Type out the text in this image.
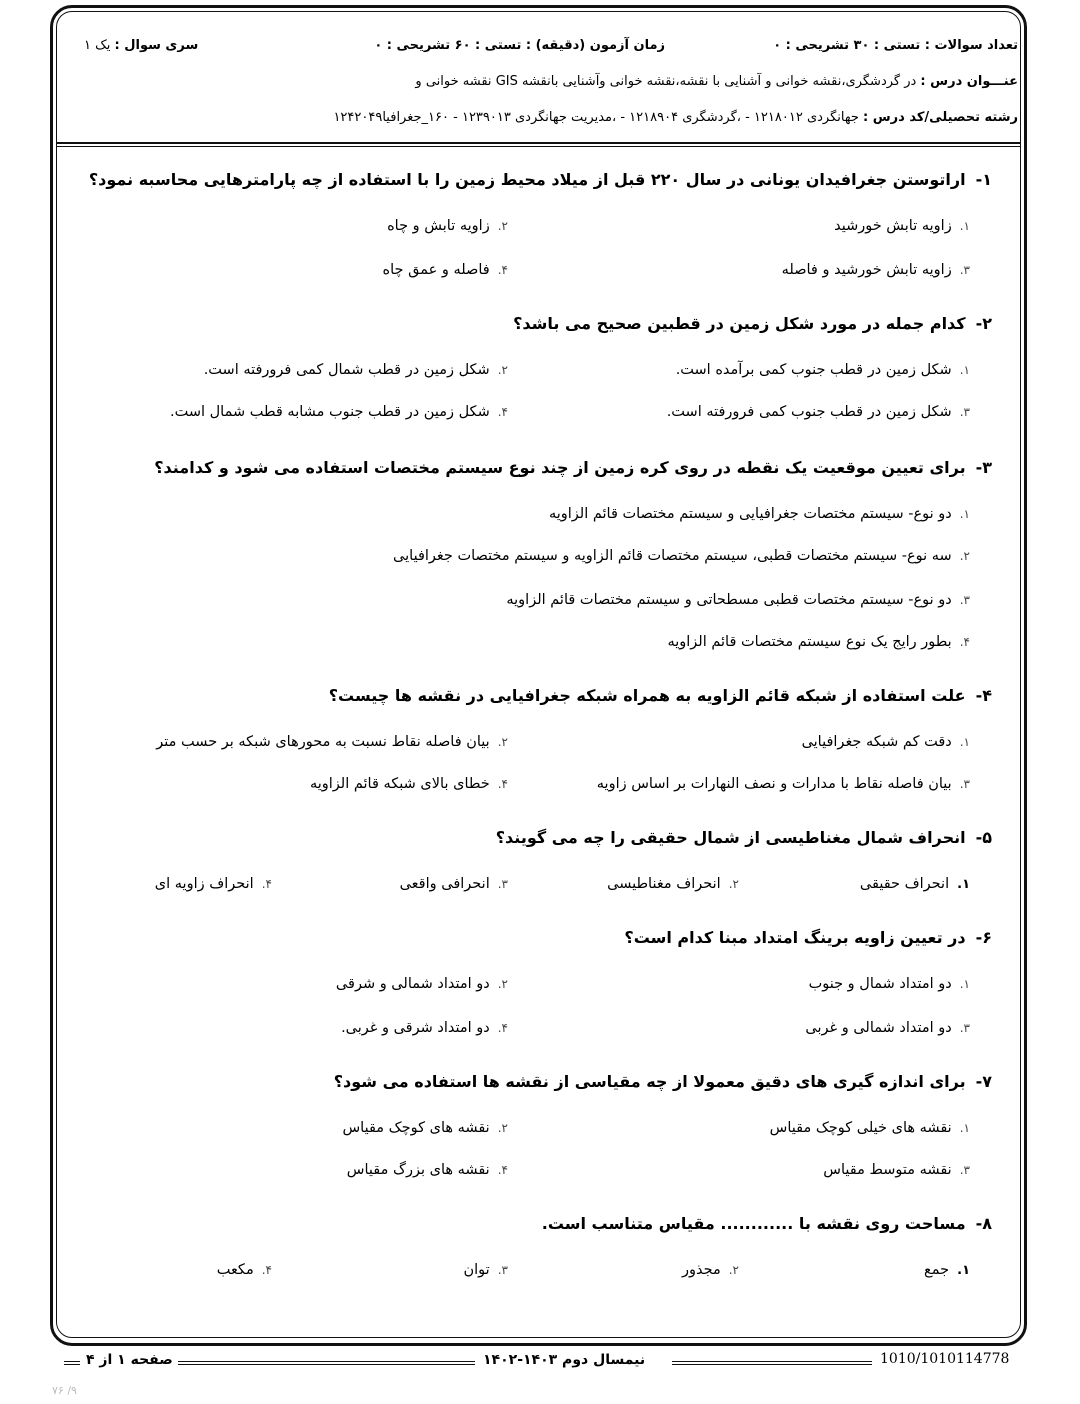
تعداد سوالات : تستی : ۳۰ تشریحی : ۰
زمان آزمون (دقیقه) : تستی : ۶۰ تشریحی : ۰
سری سوال : یک ۱
عنـــوان درس : در گردشگری،نقشه خوانی و آشنایی با نقشه،نقشه خوانی وآشنایی بانقشه GIS نقشه خوانی و
رشته تحصیلی/کد درس : جهانگردی ۱۲۱۸۰۱۲ - ،گردشگری ۱۲۱۸۹۰۴ - ،مدیریت جهانگردی ۱۲۳۹۰۱۳ - ۱۶۰_جغرافیا۱۲۴۲۰۴۹
۱-اراتوستن جغرافیدان یونانی در سال ۲۲۰ قبل از میلاد محیط زمین را با استفاده از چه پارامترهایی محاسبه نمود؟
۱.زاویه تابش خورشید
۲.زاویه تابش و چاه
۳.زاویه تابش خورشید و فاصله
۴.فاصله و عمق چاه
۲-کدام جمله در مورد شکل زمین در قطبین صحیح می باشد؟
۱.شکل زمین در قطب جنوب کمی برآمده است.
۲.شکل زمین در قطب شمال کمی فرورفته است.
۳.شکل زمین در قطب جنوب کمی فرورفته است.
۴.شکل زمین در قطب جنوب مشابه قطب شمال است.
۳-برای تعیین موقعیت یک نقطه در روی کره زمین از چند نوع سیستم مختصات استفاده می شود و کدامند؟
۱.دو نوع- سیستم مختصات جغرافیایی و سیستم مختصات قائم الزاویه
۲.سه نوع- سیستم مختصات قطبی، سیستم مختصات قائم الزاویه و سیستم مختصات جغرافیایی
۳.دو نوع- سیستم مختصات قطبی مسطحاتی و سیستم مختصات قائم الزاویه
۴.بطور رایج یک نوع سیستم مختصات قائم الزاویه
۴-علت استفاده از شبکه قائم الزاویه به همراه شبکه جغرافیایی در نقشه ها چیست؟
۱.دقت کم شبکه جغرافیایی
۲.بیان فاصله نقاط نسبت به محورهای شبکه بر حسب متر
۳.بیان فاصله نقاط با مدارات و نصف النهارات بر اساس زاویه
۴.خطای بالای شبکه قائم الزاویه
۵-انحراف شمال مغناطیسی از شمال حقیقی را چه می گویند؟
۱.انحراف حقیقی
۲.انحراف مغناطیسی
۳.انحرافی واقعی
۴.انحراف زاویه ای
۶-در تعیین زاویه برینگ امتداد مبنا کدام است؟
۱.دو امتداد شمال و جنوب
۲.دو امتداد شمالی و شرقی
۳.دو امتداد شمالی و غربی
۴.دو امتداد شرقی و غربی.
۷-برای اندازه گیری های دقیق معمولا از چه مقیاسی از نقشه ها استفاده می شود؟
۱.نقشه های خیلی کوچک مقیاس
۲.نقشه های کوچک مقیاس
۳.نقشه متوسط مقیاس
۴.نقشه های بزرگ مقیاس
۸-مساحت روی نقشه با ............ مقیاس متناسب است.
۱.جمع
۲.مجذور
۳.توان
۴.مکعب
صفحه ۱ از ۴	نیمسال دوم ۱۴۰۳-۱۴۰۲	1010/1010114778
۷۶ /۹
